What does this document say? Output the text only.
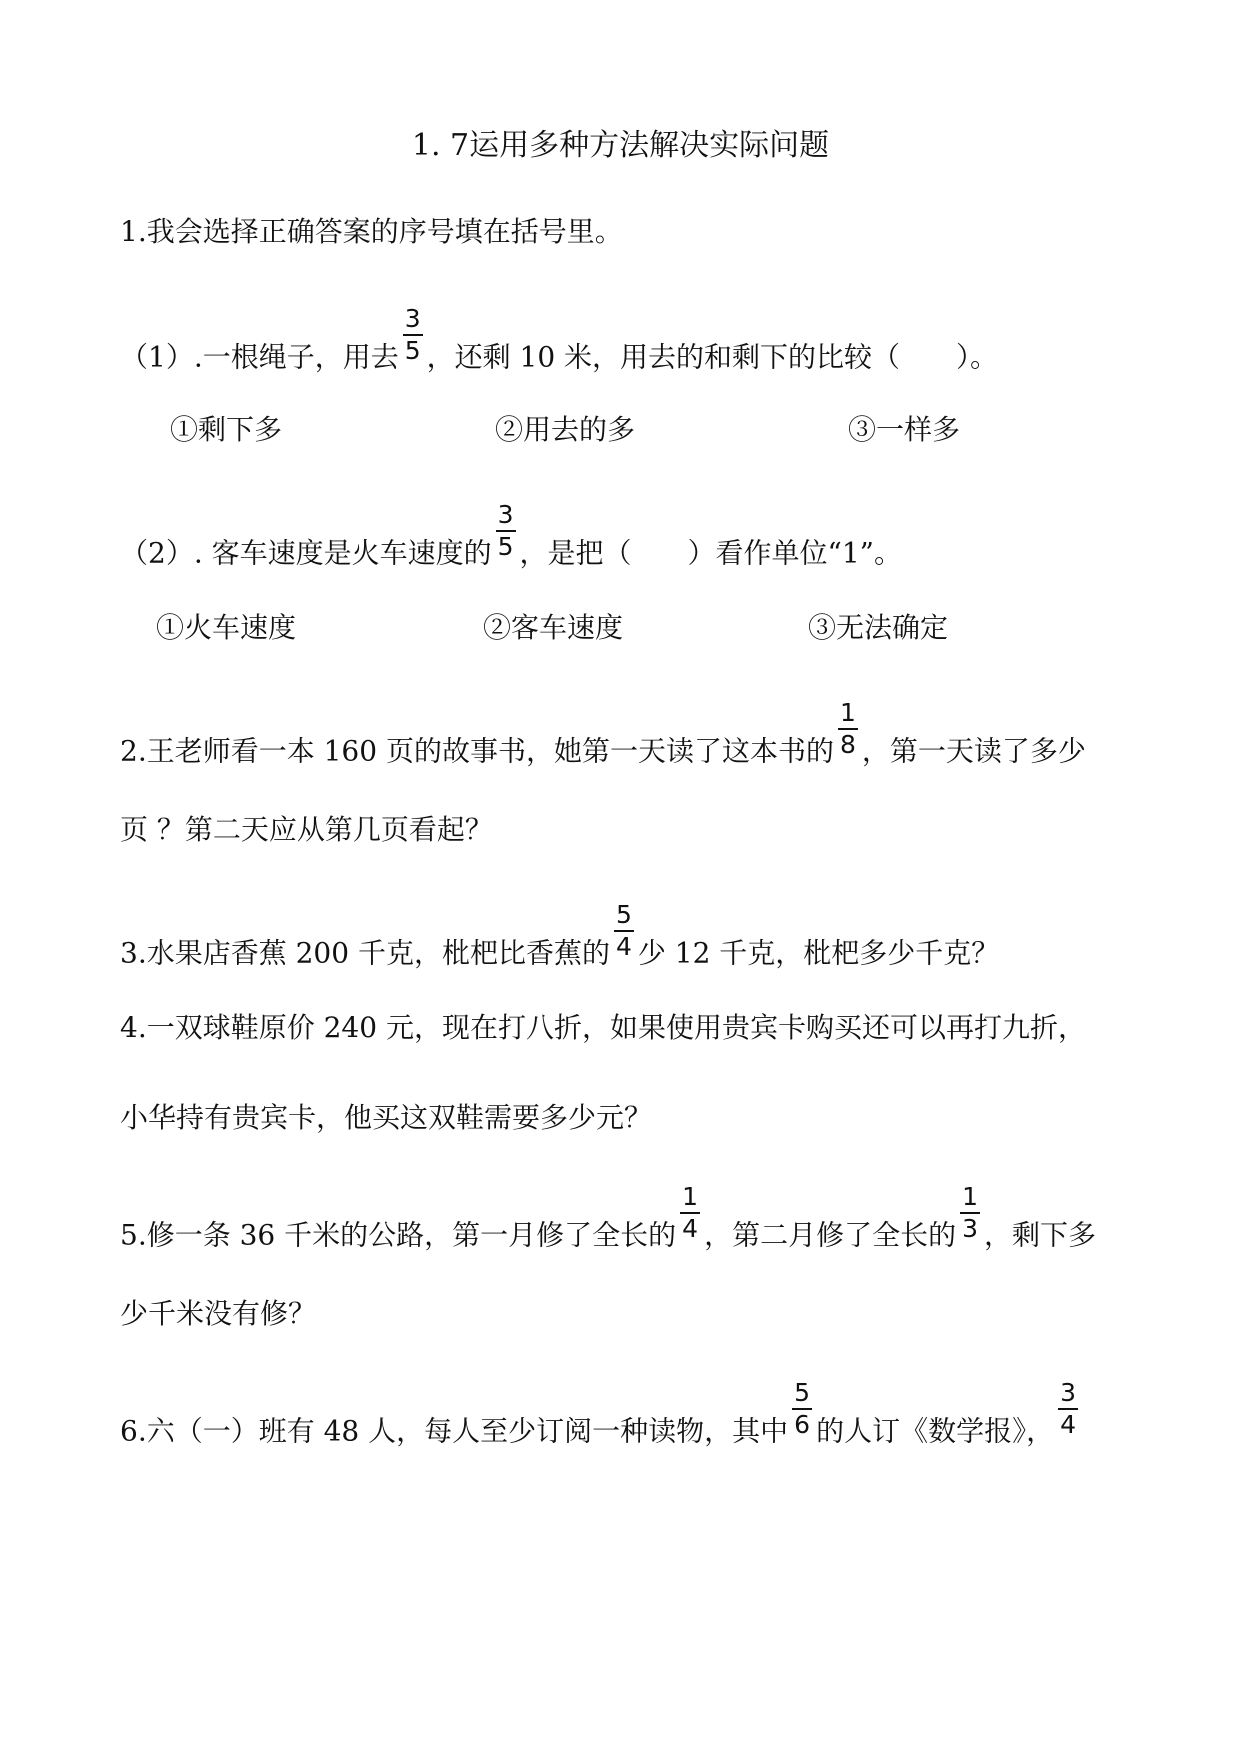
1. 7运用多种方法解决实际问题
1.我会选择正确答案的序号填在括号里。
（1）.一根绳子，用去 $\frac{3}{5}$ ，还剩 10 米，用去的和剩下的比较（　　）。
①剩下多	②用去的多	③一样多
（2）. 客车速度是火车速度的 $\frac{3}{5}$ ，是把（　　）看作单位“1”。
①火车速度	②客车速度	③无法确定
2.王老师看一本 160 页的故事书，她第一天读了这本书的 $\frac{1}{8}$ ，第一天读了多少
页 ？第二天应从第几页看起？
3.水果店香蕉 200 千克，枇杷比香蕉的 $\frac{5}{4}$ 少 12 千克，枇杷多少千克？
4.一双球鞋原价 240 元，现在打八折，如果使用贵宾卡购买还可以再打九折，
小华持有贵宾卡，他买这双鞋需要多少元？
5.修一条 36 千米的公路，第一月修了全长的 $\frac{1}{4}$ ，第二月修了全长的 $\frac{1}{3}$ ，剩下多
少千米没有修？
6.六（一）班有 48 人，每人至少订阅一种读物，其中 $\frac{5}{6}$ 的人订《数学报》， $\frac{3}{4}$
